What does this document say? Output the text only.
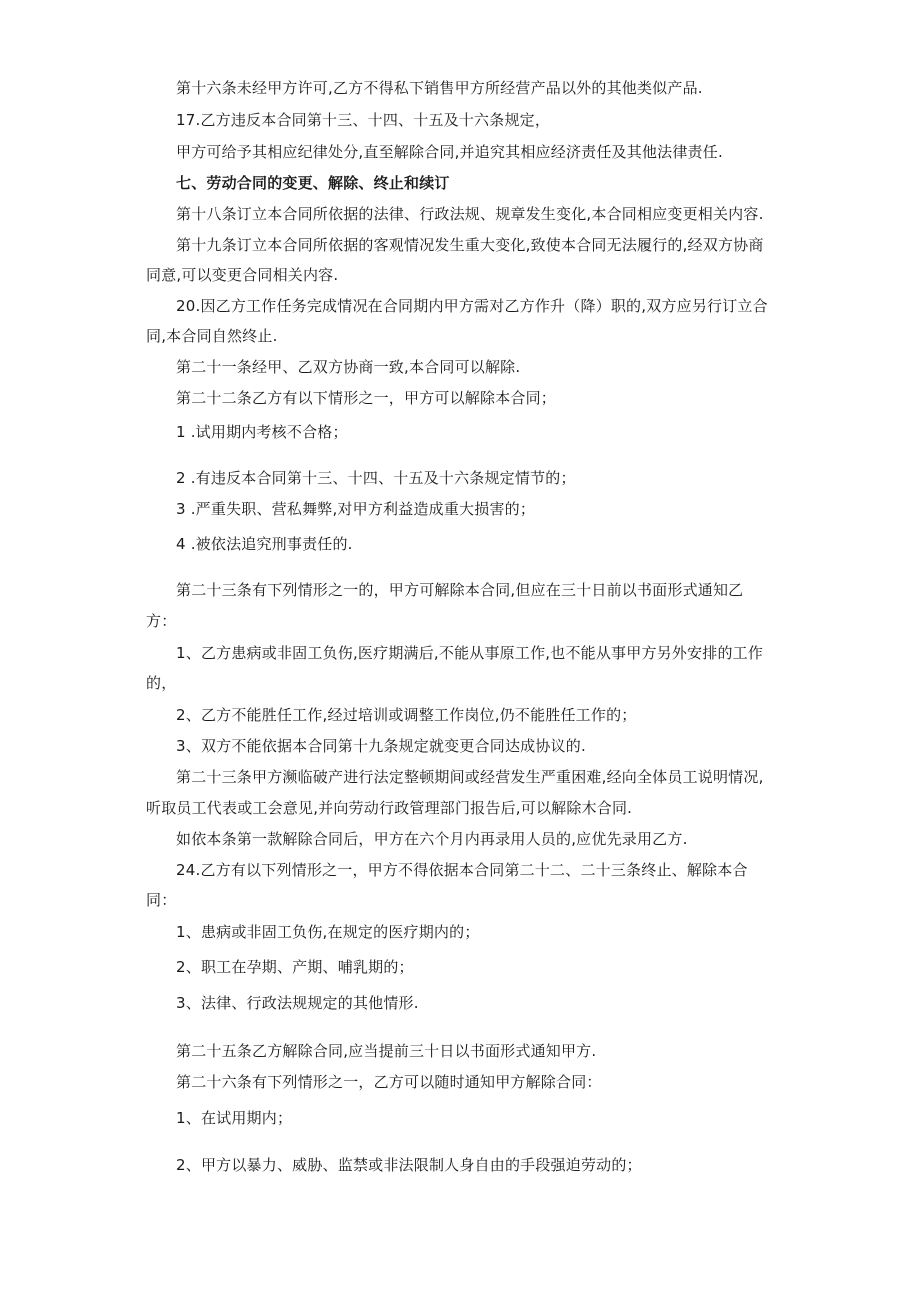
第十六条未经甲方许可,乙方不得私下销售甲方所经营产品以外的其他类似产品.
17.乙方违反本合同第十三、十四、十五及十六条规定，
甲方可给予其相应纪律处分,直至解除合同,并追究其相应经济责任及其他法律责任.
七、劳动合同的变更、解除、终止和续订
第十八条订立本合同所依据的法律、行政法规、规章发生变化,本合同相应变更相关内容.
第十九条订立本合同所依据的客观情况发生重大变化,致使本合同无法履行的,经双方协商
同意,可以变更合同相关内容.
20.因乙方工作任务完成情况在合同期内甲方需对乙方作升（降）职的,双方应另行订立合
同,本合同自然终止.
第二十一条经甲、乙双方协商一致,本合同可以解除.
第二十二条乙方有以下情形之一，甲方可以解除本合同；
1 .试用期内考核不合格；
2 .有违反本合同第十三、十四、十五及十六条规定情节的；
3 .严重失职、营私舞弊,对甲方利益造成重大损害的；
4 .被依法追究刑事责任的.
第二十三条有下列情形之一的，甲方可解除本合同,但应在三十日前以书面形式通知乙
方：
1、乙方患病或非固工负伤,医疗期满后,不能从事原工作,也不能从事甲方另外安排的工作
的，
2、乙方不能胜任工作,经过培训或调整工作岗位,仍不能胜任工作的；
3、双方不能依据本合同第十九条规定就变更合同达成协议的.
第二十三条甲方濒临破产进行法定整顿期间或经营发生严重困难,经向全体员工说明情况,
听取员工代表或工会意见,并向劳动行政管理部门报告后,可以解除木合同.
如依本条第一款解除合同后，甲方在六个月内再录用人员的,应优先录用乙方.
24.乙方有以下列情形之一，甲方不得依据本合同第二十二、二十三条终止、解除本合
同：
1、患病或非固工负伤,在规定的医疗期内的；
2、职工在孕期、产期、哺乳期的；
3、法律、行政法规规定的其他情形.
第二十五条乙方解除合同,应当提前三十日以书面形式通知甲方.
第二十六条有下列情形之一，乙方可以随时通知甲方解除合同：
1、在试用期内；
2、甲方以暴力、威胁、监禁或非法限制人身自由的手段强迫劳动的；
